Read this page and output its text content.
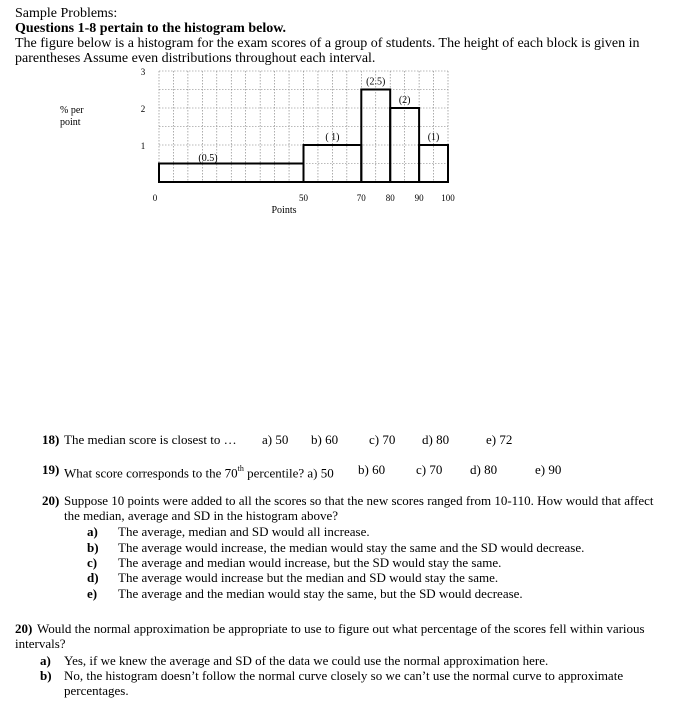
Sample Problems:
Questions 1-8 pertain to the histogram below.
The figure below is a histogram for the exam scores of a group of students. The height of each block is given in
parentheses Assume even distributions throughout each interval.
(0.5)
( 1)
(2.5)
(2)
(1)
3
2
1
0	50	70 80 90 100
% per
point
Points
18) The median score is closest to … a) 50 b) 60 c) 70 d) 80	e) 72
19) What score corresponds to the 70th percentile? a) 50 b) 60 c) 70 d) 80	e) 90
20) Suppose 10 points were added to all the scores so that the new scores ranged from 10-110. How would that affect
the median, average and SD in the histogram above?
a) The average, median and SD would all increase.
b) The average would increase, the median would stay the same and the SD would decrease.
c) The average and median would increase, but the SD would stay the same.
d) The average would increase but the median and SD would stay the same.
e) The average and the median would stay the same, but the SD would decrease.
20) Would the normal approximation be appropriate to use to figure out what percentage of the scores fell within various
intervals?
a) Yes, if we knew the average and SD of the data we could use the normal approximation here.
b) No, the histogram doesn’t follow the normal curve closely so we can’t use the normal curve to approximate
percentages.
